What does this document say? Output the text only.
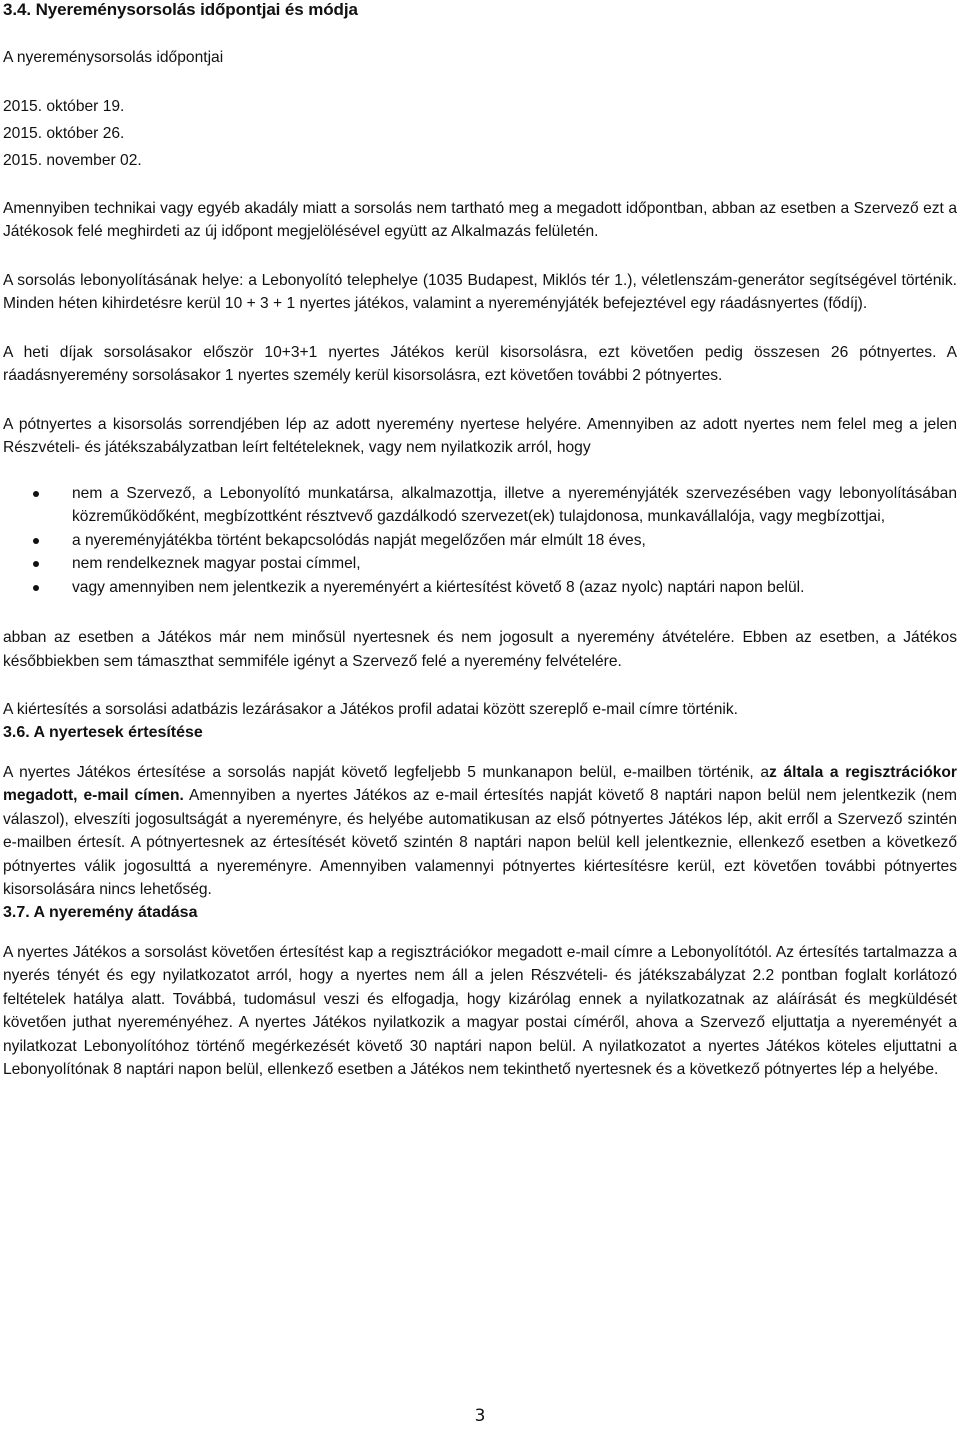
3.4. Nyereménysorsolás időpontjai és módja

A nyereménysorsolás időpontjai

2015. október 19.

2015. október 26.

2015. november 02.

Amennyiben technikai vagy egyéb akadály miatt a sorsolás nem tartható meg a megadott időpontban, abban az esetben a Szervező ezt a Játékosok felé meghirdeti az új időpont megjelölésével együtt az Alkalmazás felületén.

A sorsolás lebonyolításának helye: a Lebonyolító telephelye (1035 Budapest, Miklós tér 1.), véletlenszám-generátor segítségével történik. Minden héten kihirdetésre kerül 10 + 3 + 1 nyertes játékos, valamint a nyereményjáték befejeztével egy ráadásnyertes (fődíj).

A heti díjak sorsolásakor először 10+3+1 nyertes Játékos kerül kisorsolásra, ezt követően pedig összesen 26 pótnyertes. A ráadásnyeremény sorsolásakor 1 nyertes személy kerül kisorsolásra, ezt követően további 2 pótnyertes.

A pótnyertes a kisorsolás sorrendjében lép az adott nyeremény nyertese helyére. Amennyiben az adott nyertes nem felel meg a jelen Részvételi- és játékszabályzatban leírt feltételeknek, vagy nem nyilatkozik arról, hogy

nem a Szervező, a Lebonyolító munkatársa, alkalmazottja, illetve a nyereményjáték szervezésében vagy lebonyolításában közreműködőként, megbízottként résztvevő gazdálkodó szervezet(ek) tulajdonosa, munkavállalója, vagy megbízottjai,
a nyereményjátékba történt bekapcsolódás napját megelőzően már elmúlt 18 éves,
nem rendelkeznek magyar postai címmel,
vagy amennyiben nem jelentkezik a nyereményért a kiértesítést követő 8 (azaz nyolc) naptári napon belül.

abban az esetben a Játékos már nem minősül nyertesnek és nem jogosult a nyeremény átvételére. Ebben az esetben, a Játékos későbbiekben sem támaszthat semmiféle igényt a Szervező felé a nyeremény felvételére.

A kiértesítés a sorsolási adatbázis lezárásakor a Játékos profil adatai között szereplő e-mail címre történik.

3.6. A nyertesek értesítése

A nyertes Játékos értesítése a sorsolás napját követő legfeljebb 5 munkanapon belül, e-mailben történik, az általa a regisztrációkor megadott, e-mail címen. Amennyiben a nyertes Játékos az e-mail értesítés napját követő 8 naptári napon belül nem jelentkezik (nem válaszol), elveszíti jogosultságát a nyereményre, és helyébe automatikusan az első pótnyertes Játékos lép, akit erről a Szervező szintén e-mailben értesít. A pótnyertesnek az értesítését követő szintén 8 naptári napon belül kell jelentkeznie, ellenkező esetben a következő pótnyertes válik jogosulttá a nyereményre. Amennyiben valamennyi pótnyertes kiértesítésre kerül, ezt követően további pótnyertes kisorsolására nincs lehetőség.

3.7. A nyeremény átadása

A nyertes Játékos a sorsolást követően értesítést kap a regisztrációkor megadott e-mail címre a Lebonyolítótól. Az értesítés tartalmazza a nyerés tényét és egy nyilatkozatot arról, hogy a nyertes nem áll a jelen Részvételi- és játékszabályzat 2.2 pontban foglalt korlátozó feltételek hatálya alatt. Továbbá, tudomásul veszi és elfogadja, hogy kizárólag ennek a nyilatkozatnak az aláírását és megküldését követően juthat nyereményéhez. A nyertes Játékos nyilatkozik a magyar postai címéről, ahova a Szervező eljuttatja a nyereményét a nyilatkozat Lebonyolítóhoz történő megérkezését követő 30 naptári napon belül. A nyilatkozatot a nyertes Játékos köteles eljuttatni a Lebonyolítónak 8 naptári napon belül, ellenkező esetben a Játékos nem tekinthető nyertesnek és a következő pótnyertes lép a helyébe.

3
